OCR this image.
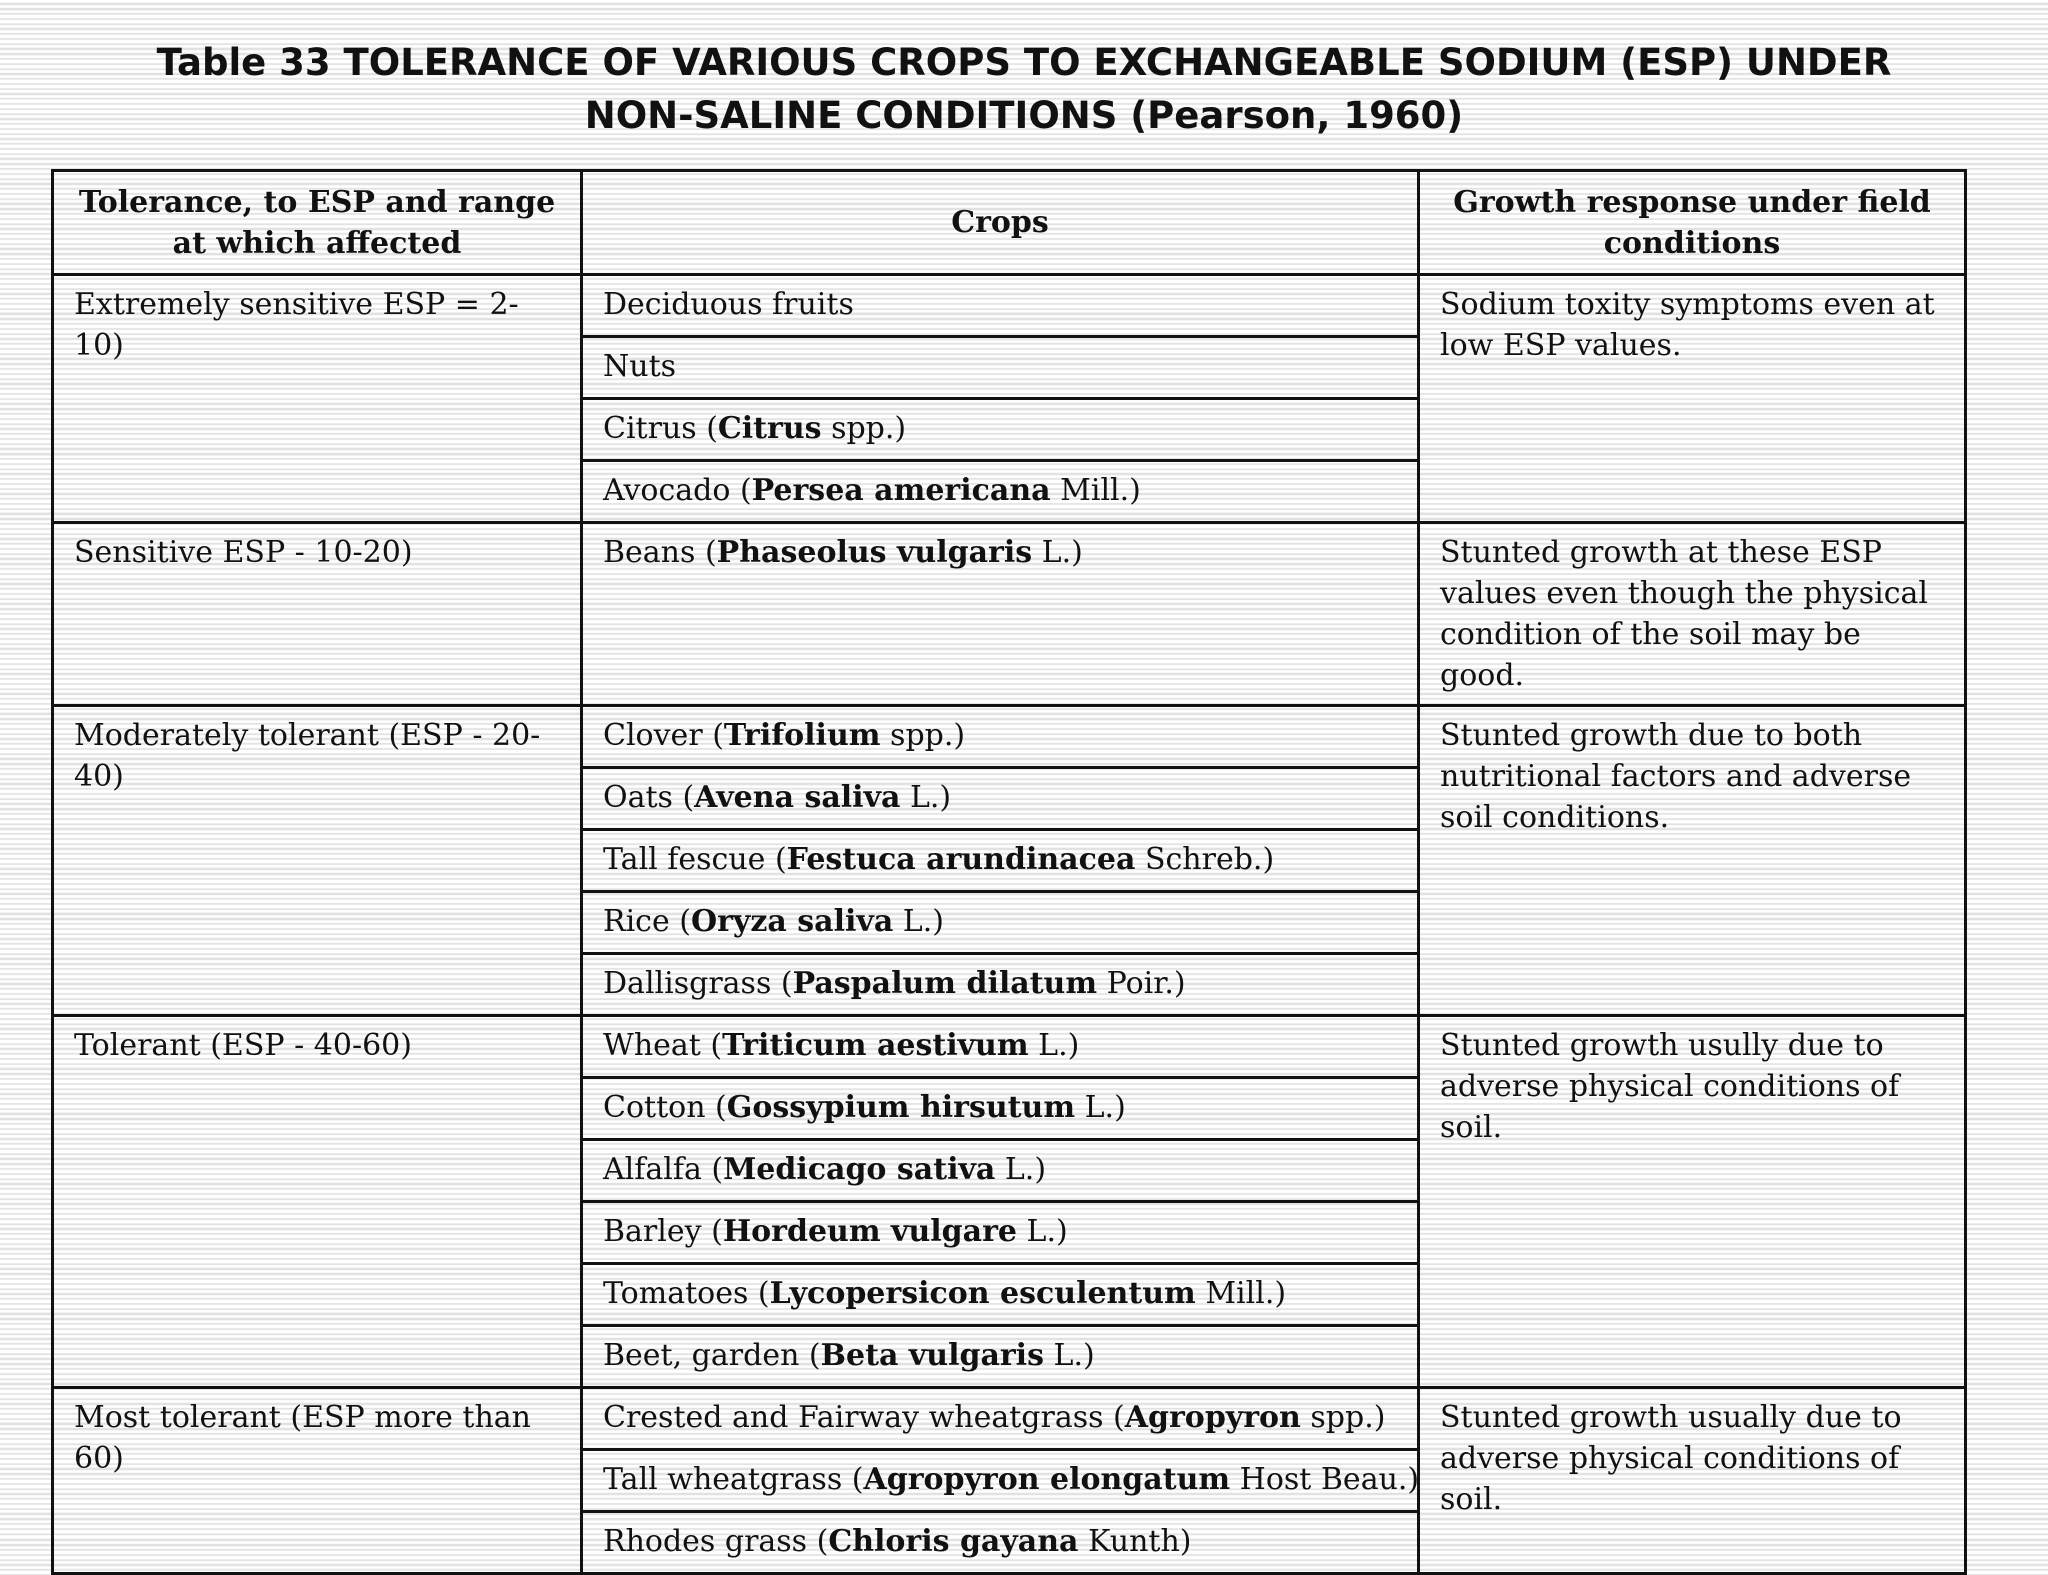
Table 33 TOLERANCE OF VARIOUS CROPS TO EXCHANGEABLE SODIUM (ESP) UNDER
NON-SALINE CONDITIONS (Pearson, 1960)
Tolerance, to ESP and range at which affected	Crops	Growth response under field conditions
Extremely sensitive ESP = 2-10)	Deciduous fruits	Sodium toxity symptoms even at low ESP values.
	Nuts	
	Citrus (Citrus spp.)	
	Avocado (Persea americana Mill.)	
Sensitive ESP - 10-20)	Beans (Phaseolus vulgaris L.)	Stunted growth at these ESP values even though the physical condition of the soil may be good.
Moderately tolerant (ESP - 20-40)	Clover (Trifolium spp.)	Stunted growth due to both nutritional factors and adverse soil conditions.
	Oats (Avena saliva L.)	
	Tall fescue (Festuca arundinacea Schreb.)	
	Rice (Oryza saliva L.)	
	Dallisgrass (Paspalum dilatum Poir.)	
Tolerant (ESP - 40-60)	Wheat (Triticum aestivum L.)	Stunted growth usully due to adverse physical conditions of soil.
	Cotton (Gossypium hirsutum L.)	
	Alfalfa (Medicago sativa L.)	
	Barley (Hordeum vulgare L.)	
	Tomatoes (Lycopersicon esculentum Mill.)	
	Beet, garden (Beta vulgaris L.)	
Most tolerant (ESP more than 60)	Crested and Fairway wheatgrass (Agropyron spp.)	Stunted growth usually due to adverse physical conditions of soil.
	Tall wheatgrass (Agropyron elongatum Host Beau.)	
	Rhodes grass (Chloris gayana Kunth)	
